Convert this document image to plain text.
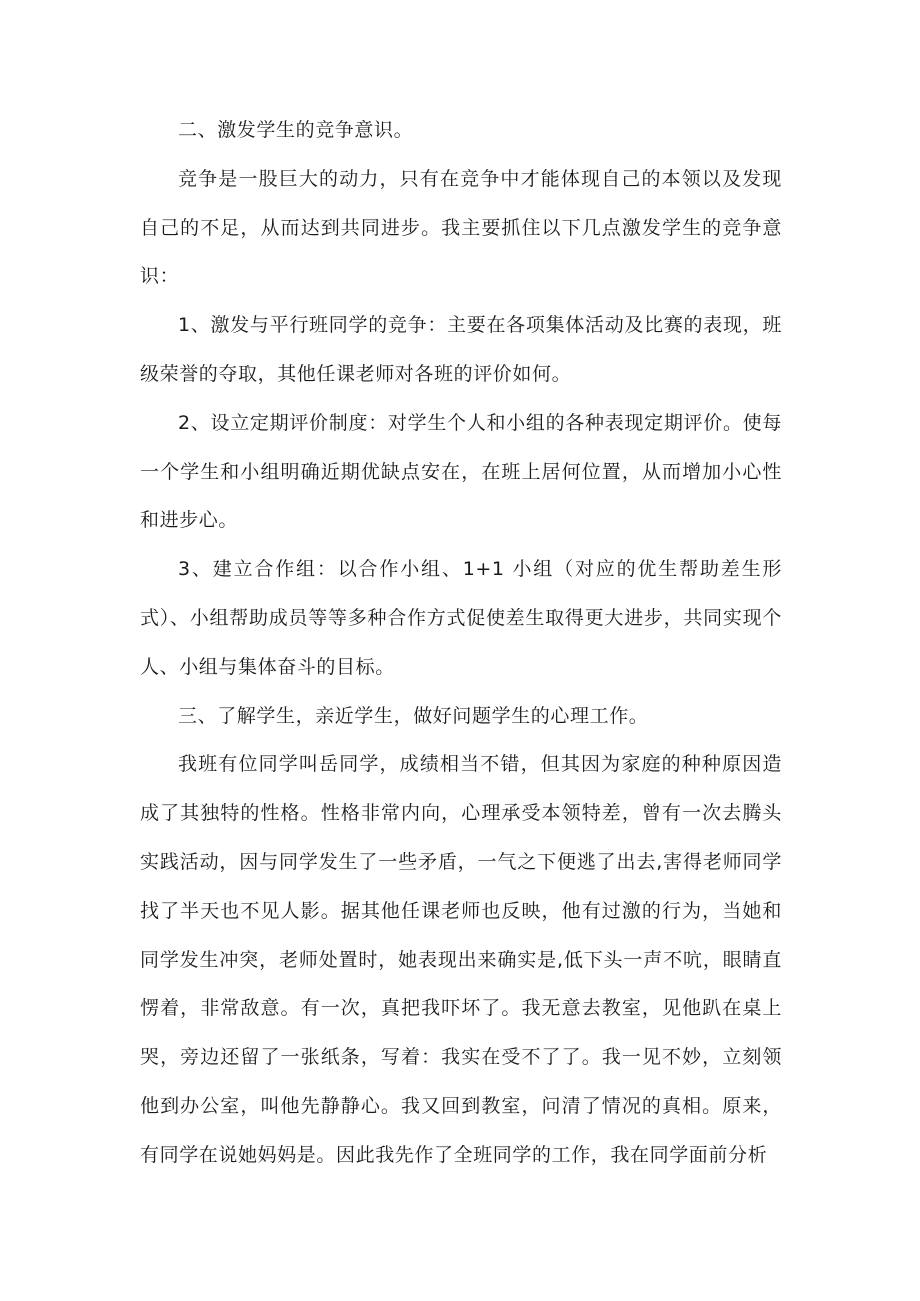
二、激发学生的竞争意识。

竞争是一股巨大的动力，只有在竞争中才能体现自己的本领以及发现自己的不足，从而达到共同进步。我主要抓住以下几点激发学生的竞争意识：

1、激发与平行班同学的竞争：主要在各项集体活动及比赛的表现，班级荣誉的夺取，其他任课老师对各班的评价如何。

2、设立定期评价制度：对学生个人和小组的各种表现定期评价。使每一个学生和小组明确近期优缺点安在，在班上居何位置，从而增加小心性和进步心。

3、建立合作组：以合作小组、1+1 小组（对应的优生帮助差生形式）、小组帮助成员等等多种合作方式促使差生取得更大进步，共同实现个人、小组与集体奋斗的目标。

三、了解学生，亲近学生，做好问题学生的心理工作。

我班有位同学叫岳同学，成绩相当不错，但其因为家庭的种种原因造成了其独特的性格。性格非常内向，心理承受本领特差，曾有一次去腾头实践活动，因与同学发生了一些矛盾，一气之下便逃了出去,害得老师同学找了半天也不见人影。据其他任课老师也反映，他有过激的行为，当她和同学发生冲突，老师处置时，她表现出来确实是,低下头一声不吭，眼睛直愣着，非常敌意。有一次，真把我吓坏了。我无意去教室，见他趴在桌上哭，旁边还留了一张纸条，写着：我实在受不了了。我一见不妙，立刻领他到办公室，叫他先静静心。我又回到教室，问清了情况的真相。原来，有同学在说她妈妈是。因此我先作了全班同学的工作，我在同学面前分析
